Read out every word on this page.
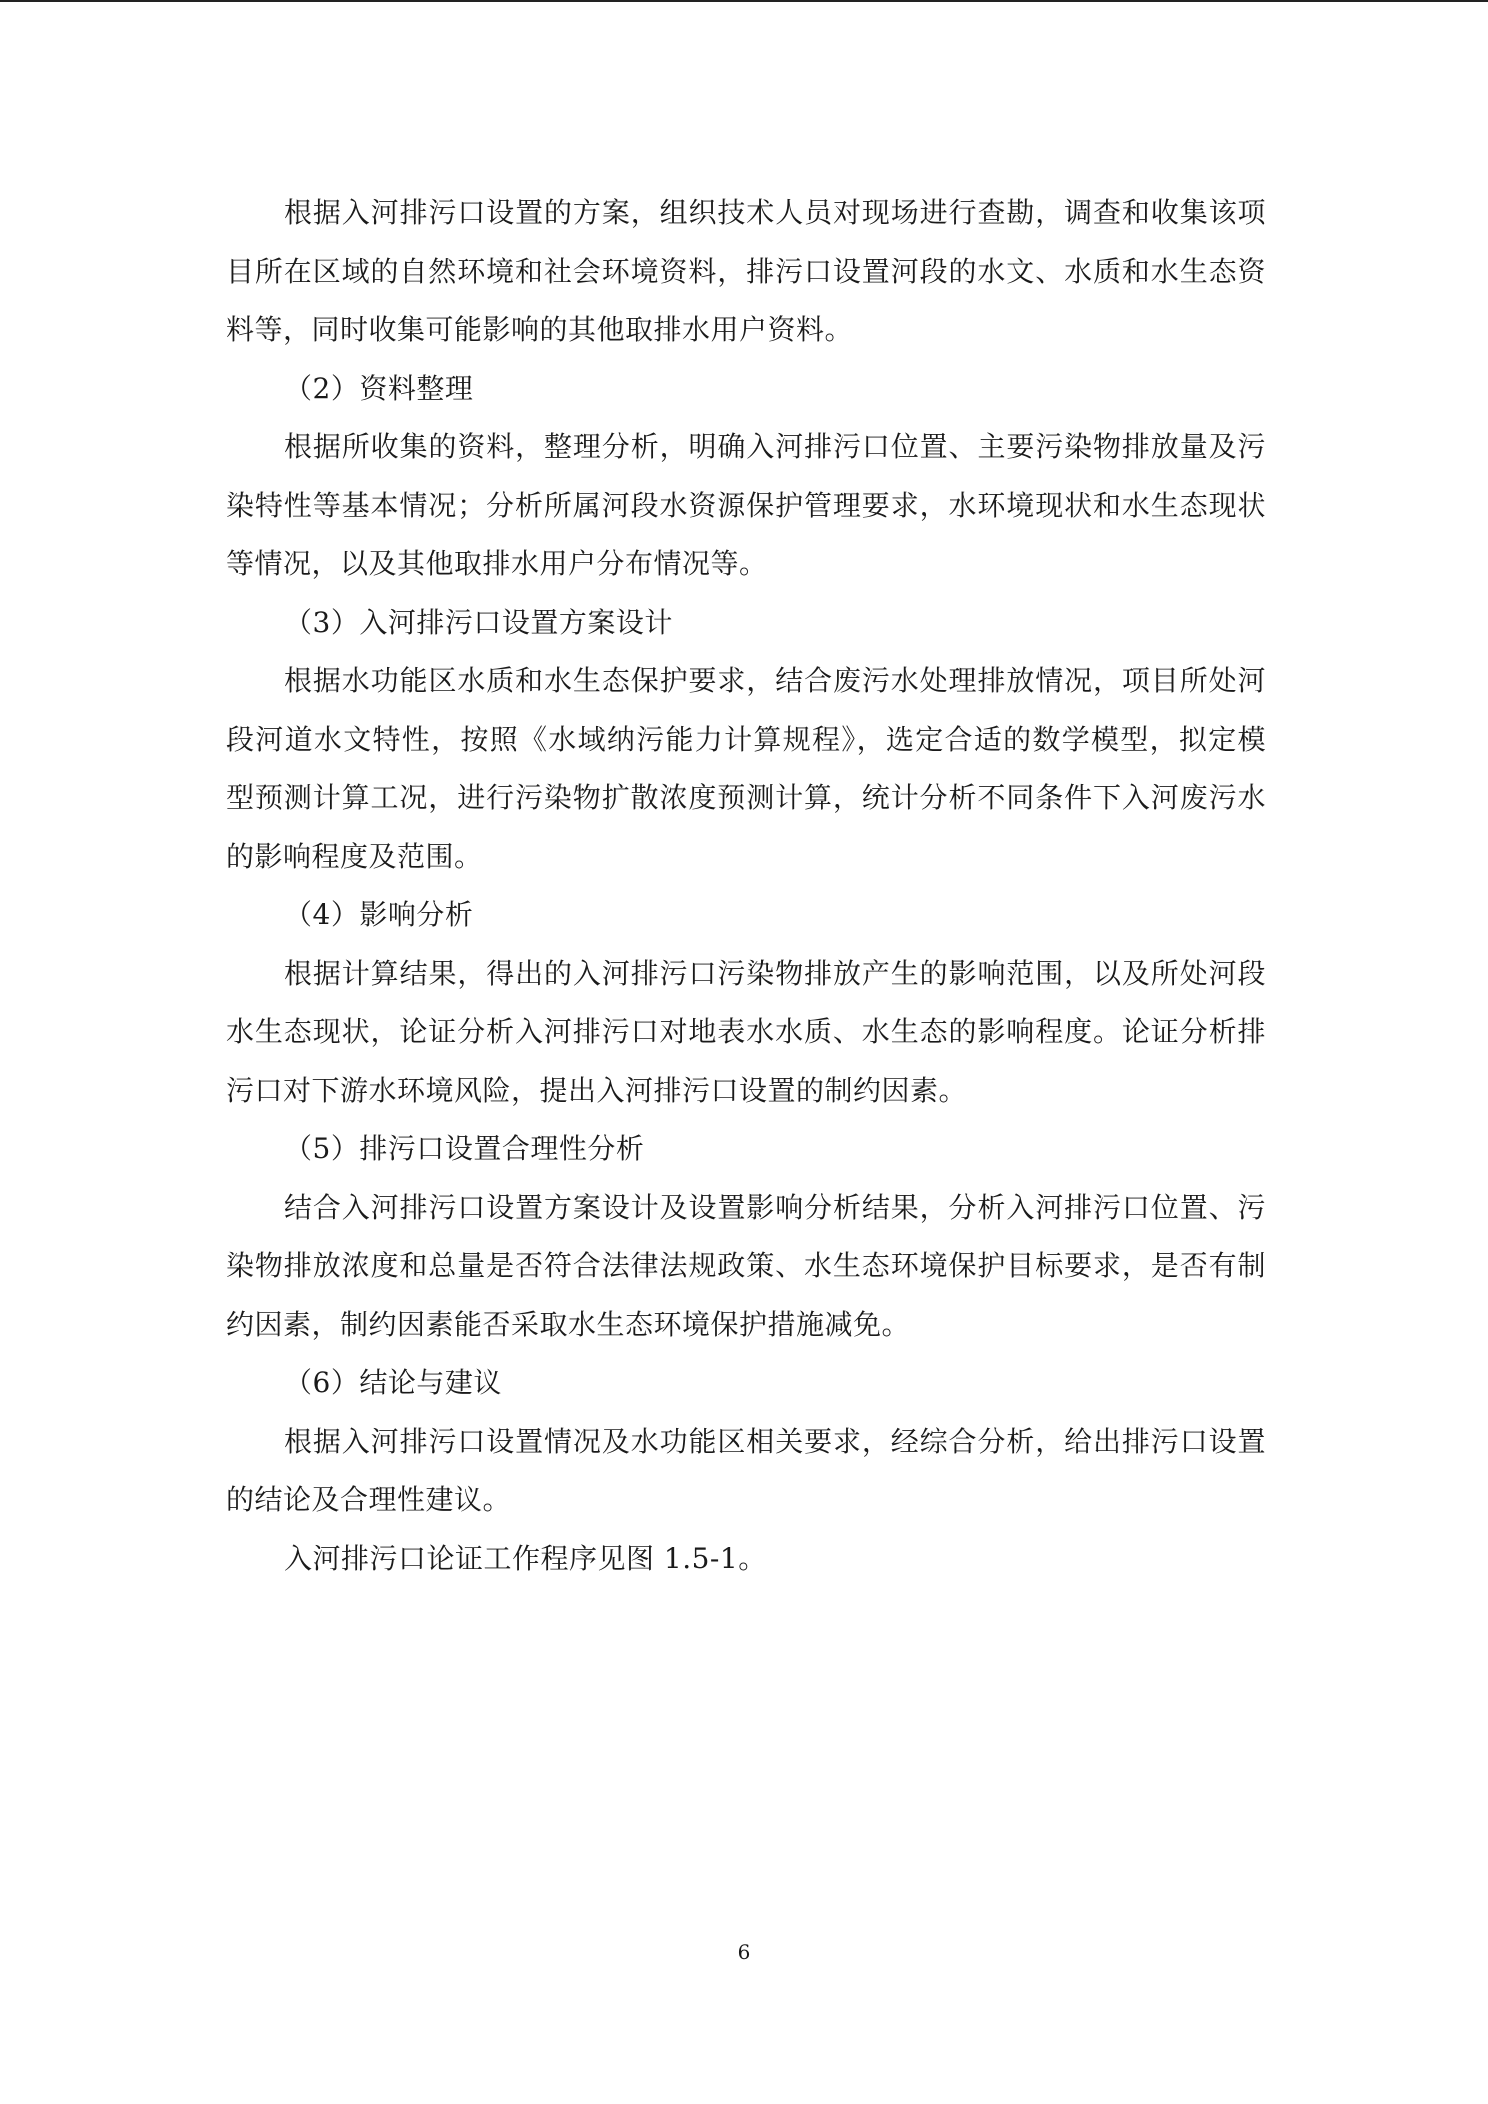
根据入河排污口设置的方案，组织技术人员对现场进行查勘，调查和收集该项目所在区域的自然环境和社会环境资料，排污口设置河段的水文、水质和水生态资料等，同时收集可能影响的其他取排水用户资料。

（2）资料整理

根据所收集的资料，整理分析，明确入河排污口位置、主要污染物排放量及污染特性等基本情况；分析所属河段水资源保护管理要求，水环境现状和水生态现状等情况，以及其他取排水用户分布情况等。

（3）入河排污口设置方案设计

根据水功能区水质和水生态保护要求，结合废污水处理排放情况，项目所处河段河道水文特性，按照《水域纳污能力计算规程》，选定合适的数学模型，拟定模型预测计算工况，进行污染物扩散浓度预测计算，统计分析不同条件下入河废污水的影响程度及范围。

（4）影响分析

根据计算结果，得出的入河排污口污染物排放产生的影响范围，以及所处河段水生态现状，论证分析入河排污口对地表水水质、水生态的影响程度。论证分析排污口对下游水环境风险，提出入河排污口设置的制约因素。

（5）排污口设置合理性分析

结合入河排污口设置方案设计及设置影响分析结果，分析入河排污口位置、污染物排放浓度和总量是否符合法律法规政策、水生态环境保护目标要求，是否有制约因素，制约因素能否采取水生态环境保护措施减免。

（6）结论与建议

根据入河排污口设置情况及水功能区相关要求，经综合分析，给出排污口设置的结论及合理性建议。

入河排污口论证工作程序见图 1.5-1。

6
